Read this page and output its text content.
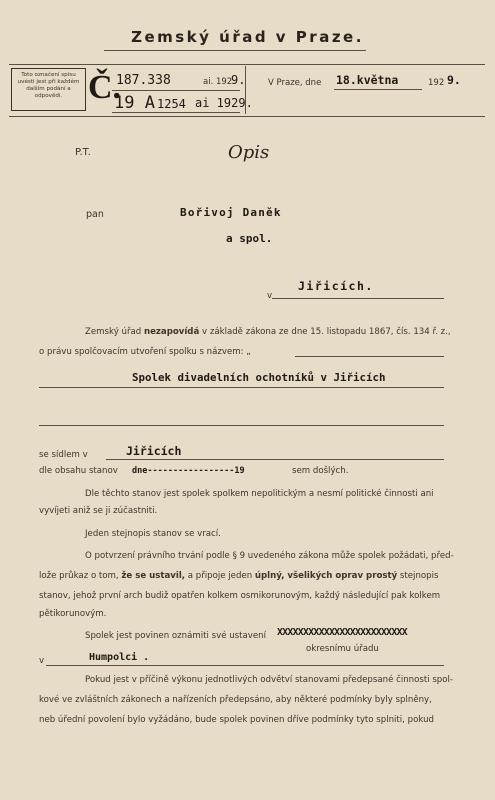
Zemský úřad v Praze.
Toto označení spisu uvésti jest při každém dalším podání a odpovědi. Č.
187.338	ai. 192
9.
19 A 1254 ai 1929.
V Praze, dne 18.května	192 9.
P.T.	Opis
pan	Bořivoj Daněk
a spol.
v
Jiřicích.
Zemský úřad nezapovídá v základě zákona ze dne 15. listopadu 1867, čís. 134 ř. z.,
o právu spolčovacím utvoření spolku s názvem: „
Spolek divadelních ochotníků v Jiřicích
se sídlem v	Jiřicích
dle obsahu stanov dne-----------------19	sem došlých.
Dle těchto stanov jest spolek spolkem nepolitickým a nesmí politické činnosti ani
vyvíjeti aniž se ji zúčastniti.
Jeden stejnopis stanov se vrací.
O potvrzení právního trvání podle § 9 uvedeného zákona může spolek požádati, před-
lože průkaz o tom, že se ustavil, a připoje jeden úplný, všelikých oprav prostý stejnopis
stanov, jehož první arch budiž opatřen kolkem osmikorunovým, každý následující pak kolkem
pětikorunovým.
Spolek jest povinen oznámiti své ustavení XXXXXXXXXXXXXXXXXXXXXXXXX
okresnímu úřadu
v	Humpolci .
Pokud jest v příčině výkonu jednotlivých odvětví stanovami předepsané činnosti spol-
kové ve zvláštních zákonech a nařízeních předepsáno, aby některé podmínky byly splněny,
neb úřední povolení bylo vyžádáno, bude spolek povinen dříve podmínky tyto splniti, pokud
